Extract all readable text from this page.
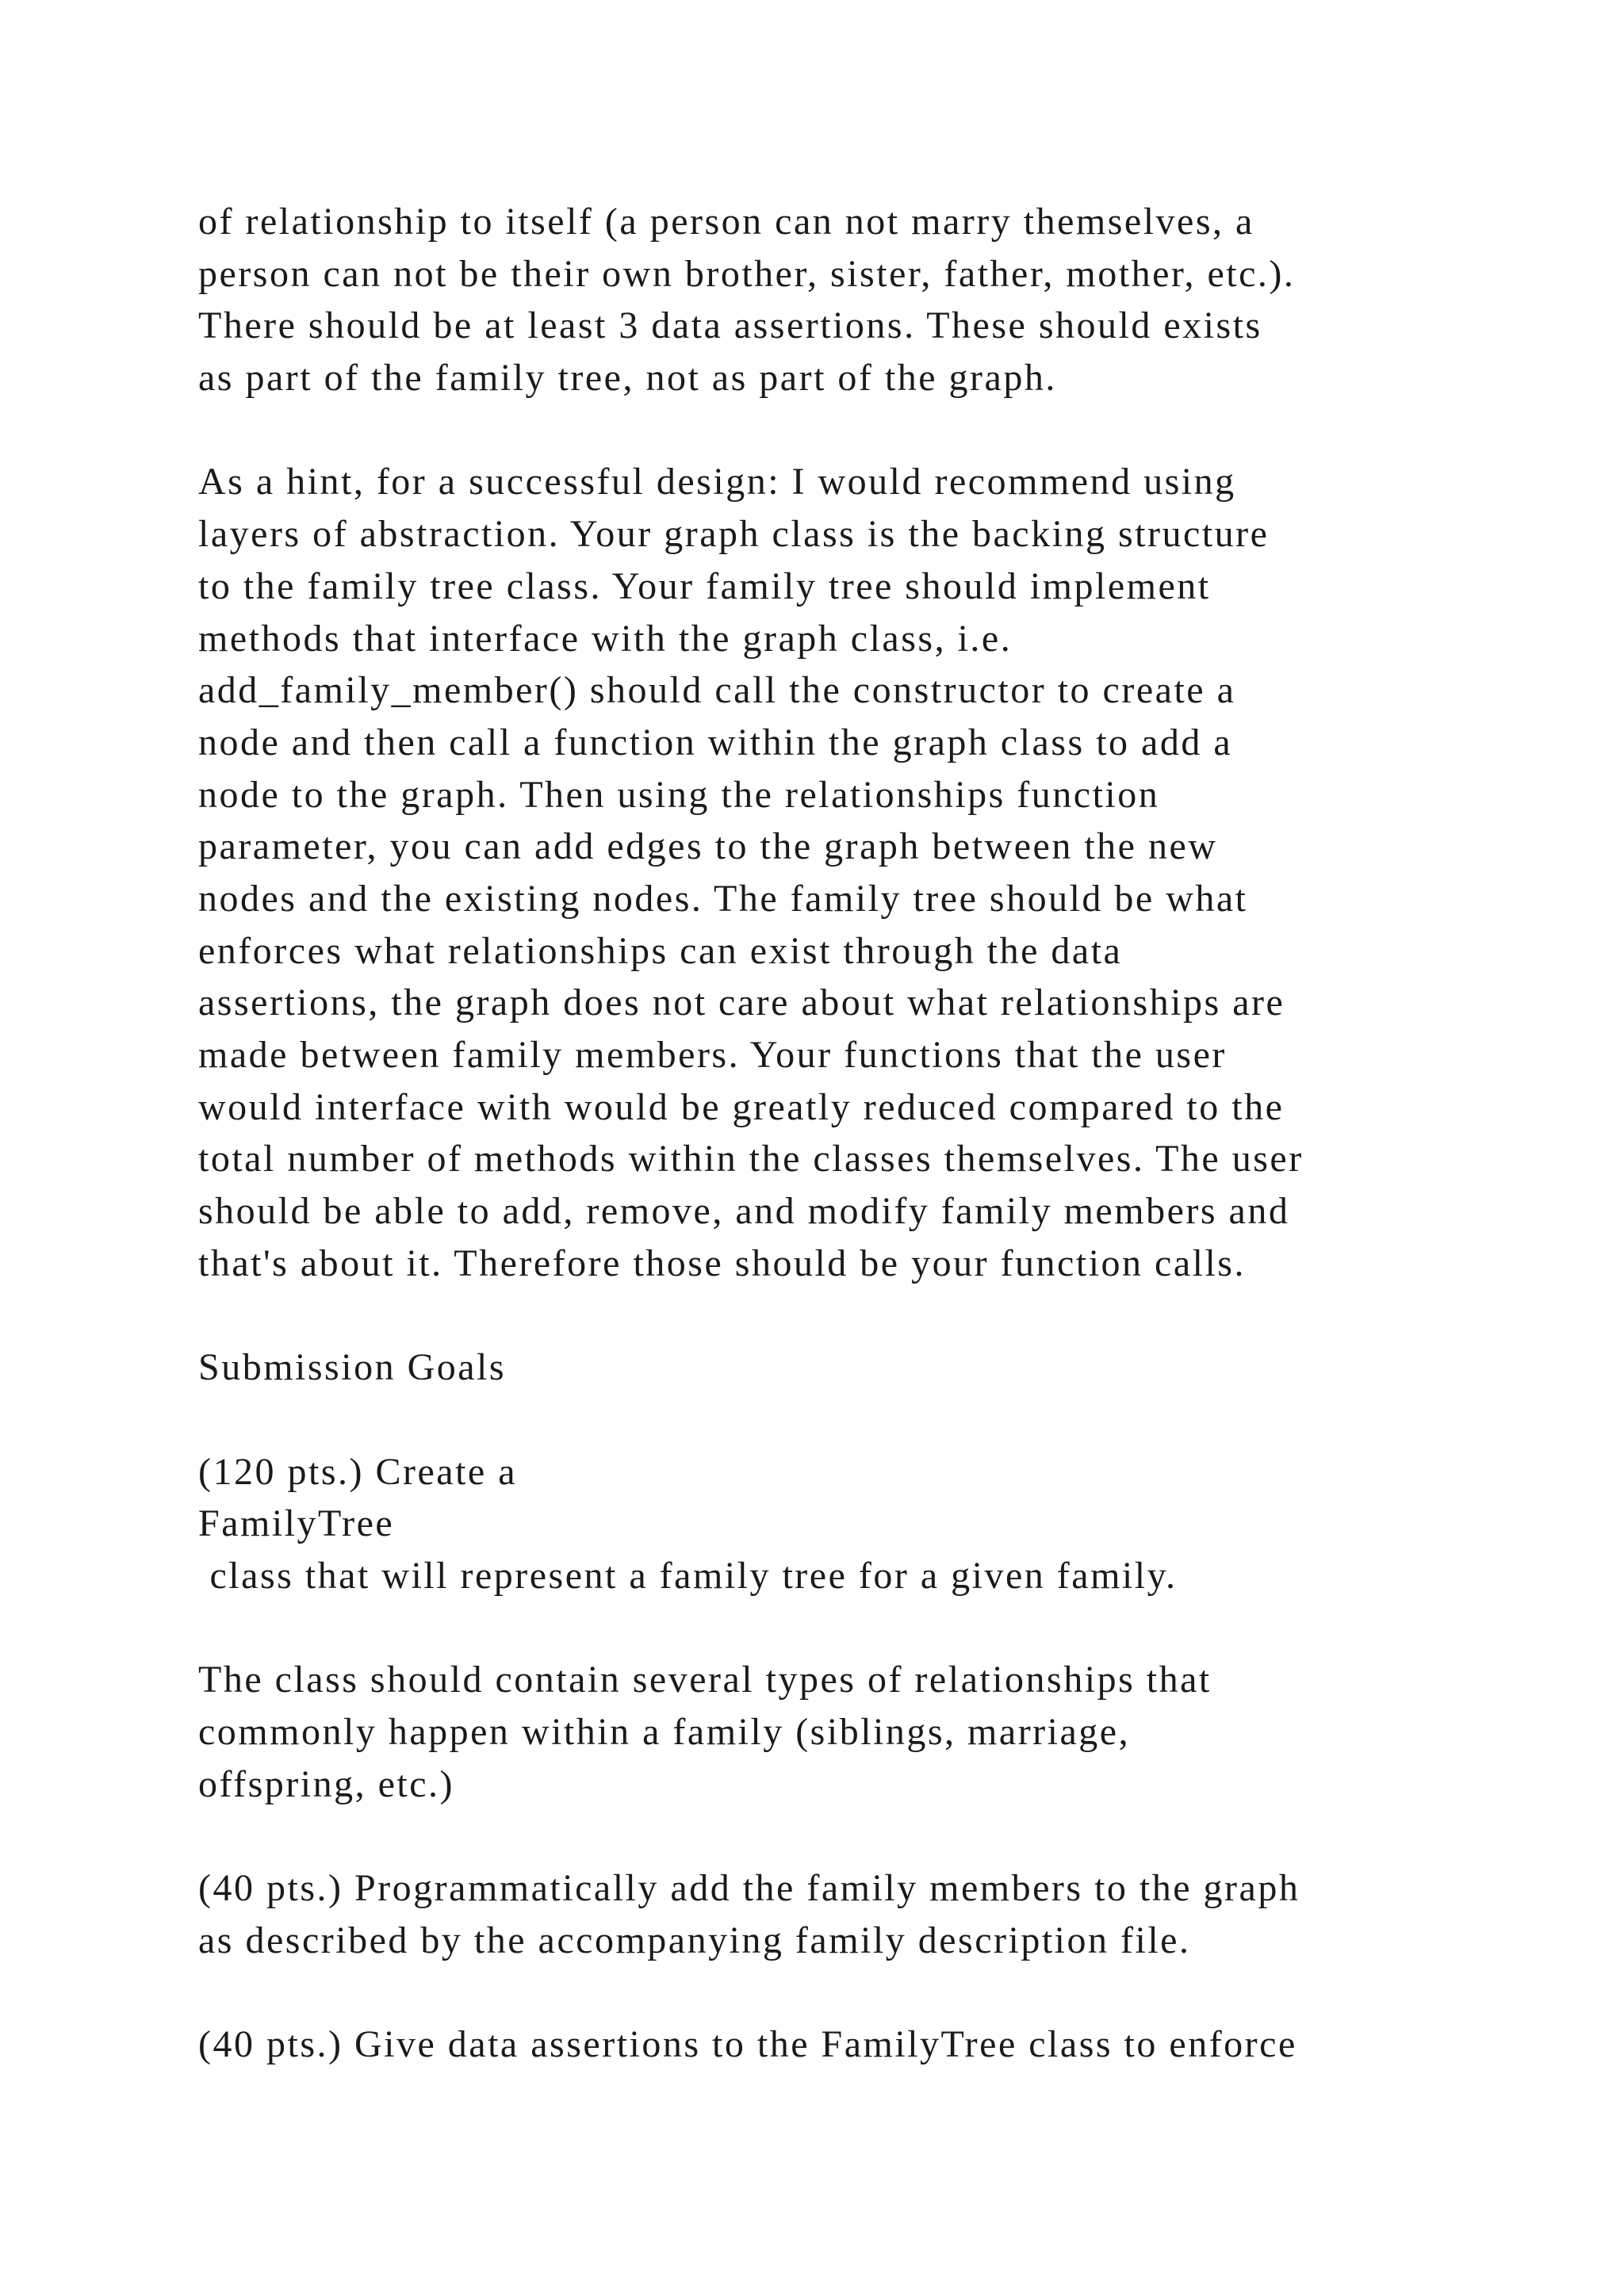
of relationship to itself (a person can not marry themselves, a
person can not be their own brother, sister, father, mother, etc.).
There should be at least 3 data assertions. These should exists
as part of the family tree, not as part of the graph.
As a hint, for a successful design: I would recommend using
layers of abstraction. Your graph class is the backing structure
to the family tree class. Your family tree should implement
methods that interface with the graph class, i.e.
add_family_member() should call the constructor to create a
node and then call a function within the graph class to add a
node to the graph. Then using the relationships function
parameter, you can add edges to the graph between the new
nodes and the existing nodes. The family tree should be what
enforces what relationships can exist through the data
assertions, the graph does not care about what relationships are
made between family members. Your functions that the user
would interface with would be greatly reduced compared to the
total number of methods within the classes themselves. The user
should be able to add, remove, and modify family members and
that's about it. Therefore those should be your function calls.
Submission Goals
(120 pts.) Create a
FamilyTree
class that will represent a family tree for a given family.
The class should contain several types of relationships that
commonly happen within a family (siblings, marriage,
offspring, etc.)
(40 pts.) Programmatically add the family members to the graph
as described by the accompanying family description file.
(40 pts.) Give data assertions to the FamilyTree class to enforce
